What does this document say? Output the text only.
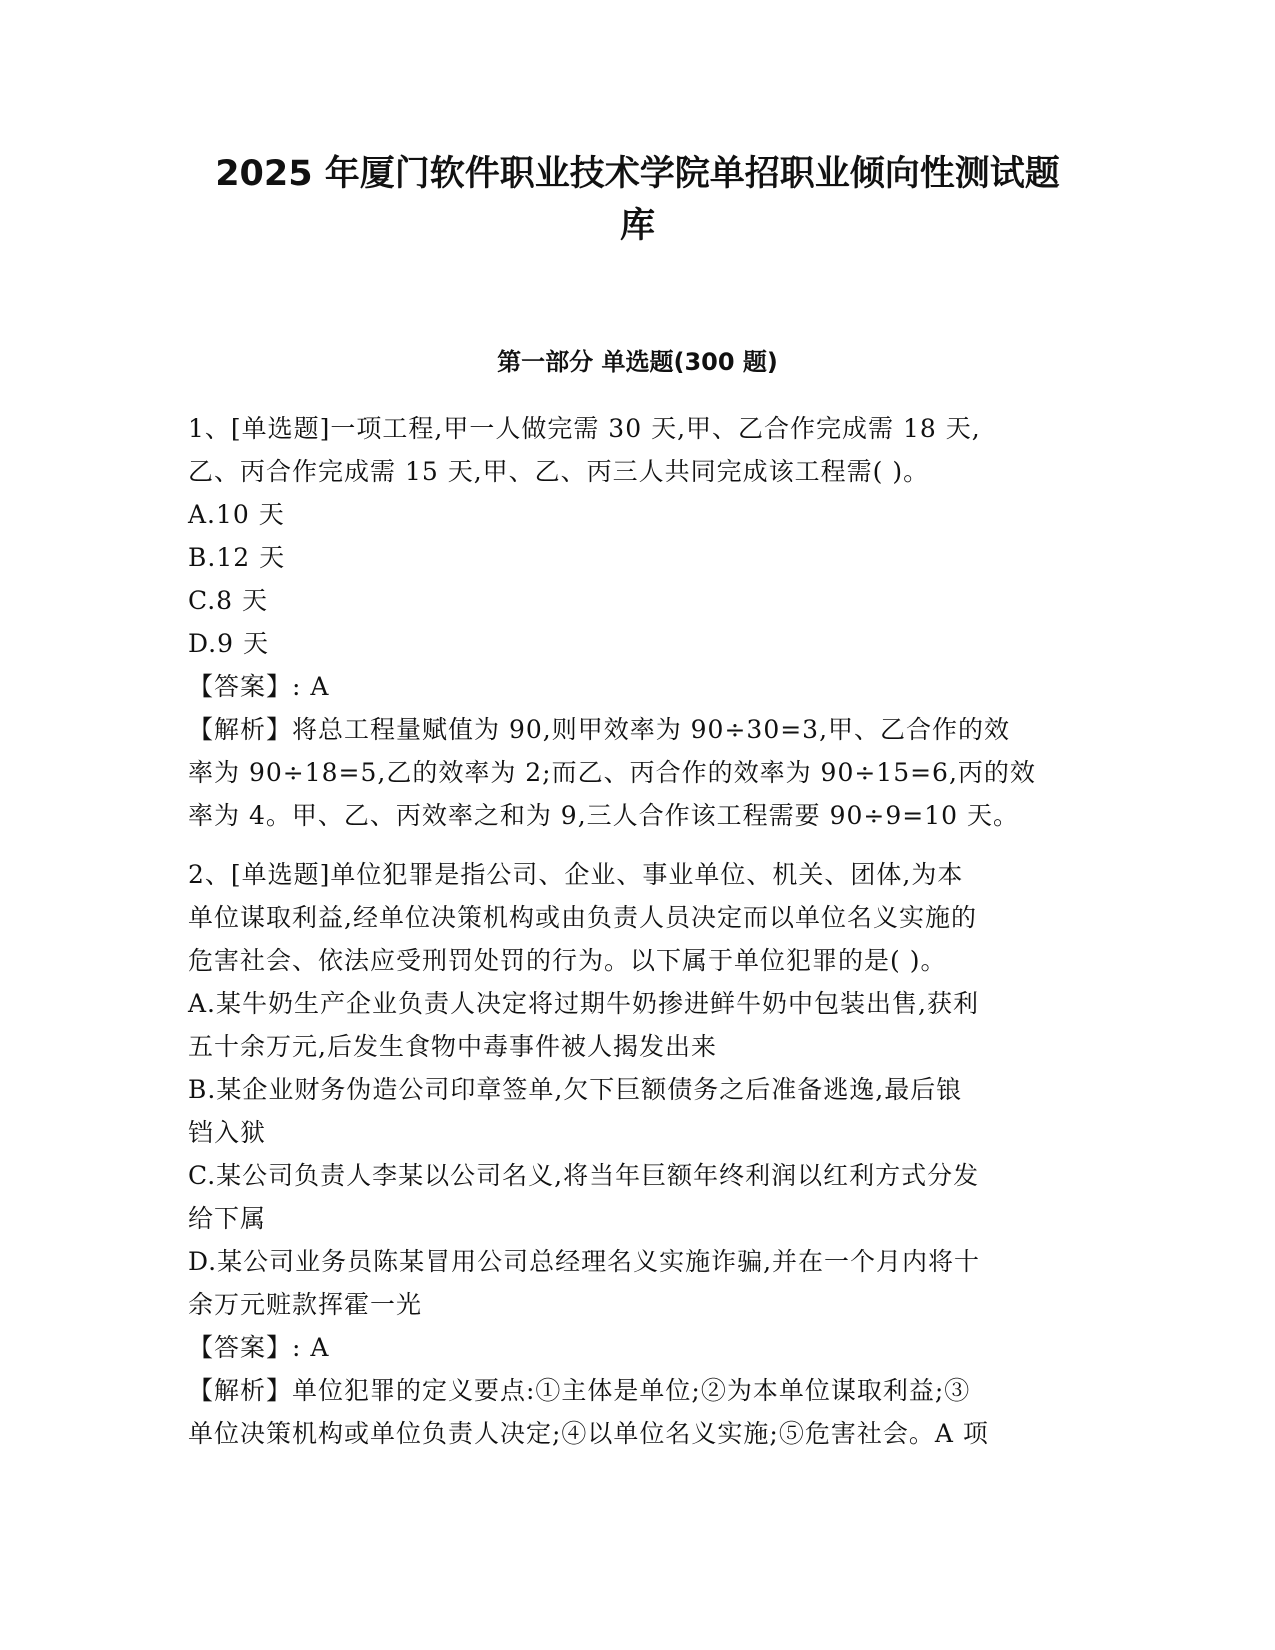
2025 年厦门软件职业技术学院单招职业倾向性测试题
库
第一部分 单选题(300 题)
1、[单选题]一项工程,甲一人做完需 30 天,甲、乙合作完成需 18 天,
乙、丙合作完成需 15 天,甲、乙、丙三人共同完成该工程需( )。
A.10 天
B.12 天
C.8 天
D.9 天
【答案】: A
【解析】将总工程量赋值为 90,则甲效率为 90÷30=3,甲、乙合作的效
率为 90÷18=5,乙的效率为 2;而乙、丙合作的效率为 90÷15=6,丙的效
率为 4。甲、乙、丙效率之和为 9,三人合作该工程需要 90÷9=10 天。
2、[单选题]单位犯罪是指公司、企业、事业单位、机关、团体,为本
单位谋取利益,经单位决策机构或由负责人员决定而以单位名义实施的
危害社会、依法应受刑罚处罚的行为。以下属于单位犯罪的是( )。
A.某牛奶生产企业负责人决定将过期牛奶掺进鲜牛奶中包装出售,获利
五十余万元,后发生食物中毒事件被人揭发出来
B.某企业财务伪造公司印章签单,欠下巨额债务之后准备逃逸,最后锒
铛入狱
C.某公司负责人李某以公司名义,将当年巨额年终利润以红利方式分发
给下属
D.某公司业务员陈某冒用公司总经理名义实施诈骗,并在一个月内将十
余万元赃款挥霍一光
【答案】: A
【解析】单位犯罪的定义要点:①主体是单位;②为本单位谋取利益;③
单位决策机构或单位负责人决定;④以单位名义实施;⑤危害社会。A 项
